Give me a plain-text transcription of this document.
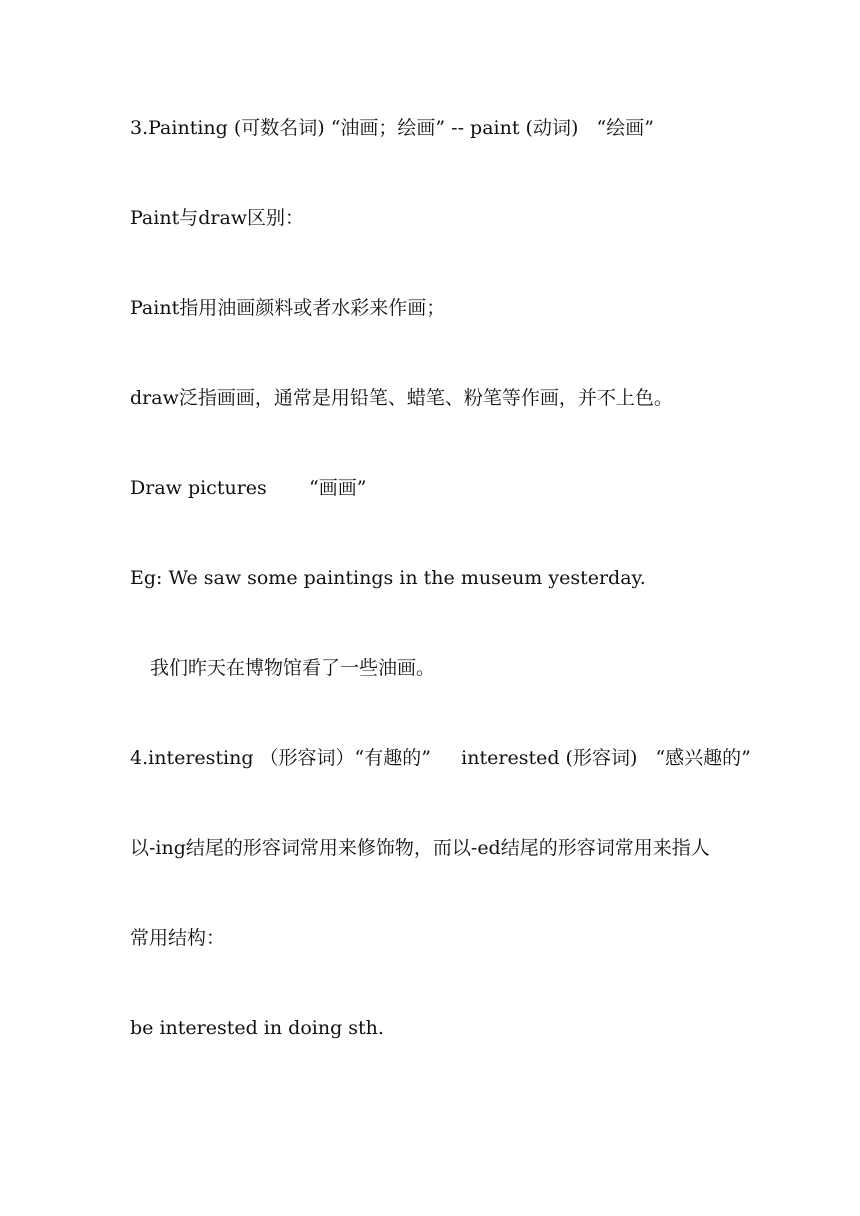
3.Painting (可数名词) “油画；绘画” -- paint (动词)   “绘画”
Paint与draw区别：
Paint指用油画颜料或者水彩来作画；
draw泛指画画，通常是用铅笔、蜡笔、粉笔等作画，并不上色。
Draw pictures       “画画”
Eg: We saw some paintings in the museum yesterday.
我们昨天在博物馆看了一些油画。
4.interesting （形容词）“有趣的”     interested (形容词)   “感兴趣的”
以-ing结尾的形容词常用来修饰物，而以-ed结尾的形容词常用来指人
常用结构：
be interested in doing sth.
